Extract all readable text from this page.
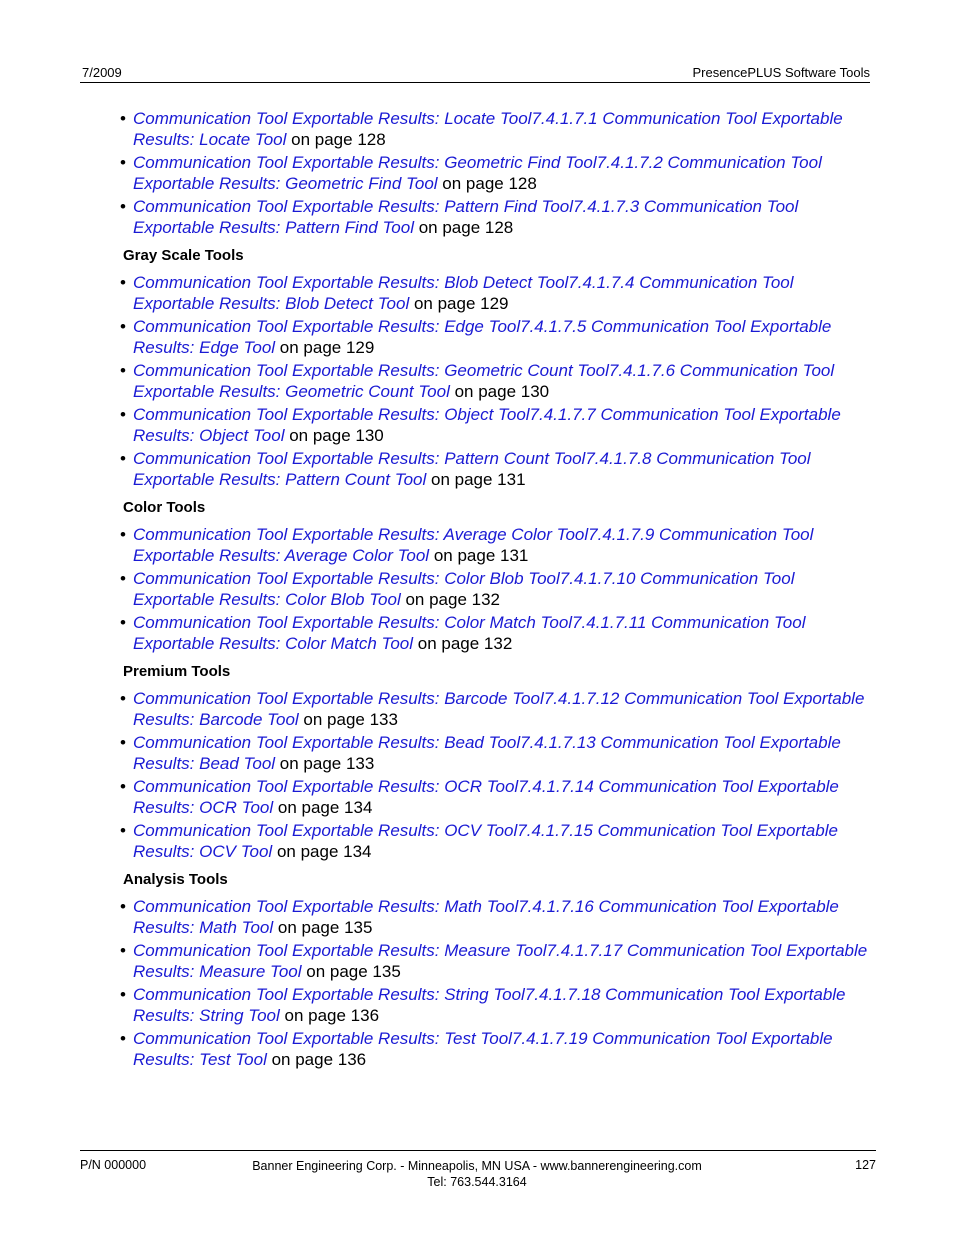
7/2009	PresencePLUS Software Tools
• Communication Tool Exportable Results: Locate Tool7.4.1.7.1 Communication Tool Exportable Results: Locate Tool on page 128
• Communication Tool Exportable Results: Geometric Find Tool7.4.1.7.2 Communication Tool Exportable Results: Geometric Find Tool on page 128
• Communication Tool Exportable Results: Pattern Find Tool7.4.1.7.3 Communication Tool Exportable Results: Pattern Find Tool on page 128
Gray Scale Tools
• Communication Tool Exportable Results: Blob Detect Tool7.4.1.7.4 Communication Tool Exportable Results: Blob Detect Tool on page 129
• Communication Tool Exportable Results: Edge Tool7.4.1.7.5 Communication Tool Exportable Results: Edge Tool on page 129
• Communication Tool Exportable Results: Geometric Count Tool7.4.1.7.6 Communication Tool Exportable Results: Geometric Count Tool on page 130
• Communication Tool Exportable Results: Object Tool7.4.1.7.7 Communication Tool Exportable Results: Object Tool on page 130
• Communication Tool Exportable Results: Pattern Count Tool7.4.1.7.8 Communication Tool Exportable Results: Pattern Count Tool on page 131
Color Tools
• Communication Tool Exportable Results: Average Color Tool7.4.1.7.9 Communication Tool Exportable Results: Average Color Tool on page 131
• Communication Tool Exportable Results: Color Blob Tool7.4.1.7.10 Communication Tool Exportable Results: Color Blob Tool on page 132
• Communication Tool Exportable Results: Color Match Tool7.4.1.7.11 Communication Tool Exportable Results: Color Match Tool on page 132
Premium Tools
• Communication Tool Exportable Results: Barcode Tool7.4.1.7.12 Communication Tool Exportable Results: Barcode Tool on page 133
• Communication Tool Exportable Results: Bead Tool7.4.1.7.13 Communication Tool Exportable Results: Bead Tool on page 133
• Communication Tool Exportable Results: OCR Tool7.4.1.7.14 Communication Tool Exportable Results: OCR Tool on page 134
• Communication Tool Exportable Results: OCV Tool7.4.1.7.15 Communication Tool Exportable Results: OCV Tool on page 134
Analysis Tools
• Communication Tool Exportable Results: Math Tool7.4.1.7.16 Communication Tool Exportable Results: Math Tool on page 135
• Communication Tool Exportable Results: Measure Tool7.4.1.7.17 Communication Tool Exportable Results: Measure Tool on page 135
• Communication Tool Exportable Results: String Tool7.4.1.7.18 Communication Tool Exportable Results: String Tool on page 136
• Communication Tool Exportable Results: Test Tool7.4.1.7.19 Communication Tool Exportable Results: Test Tool on page 136
P/N 000000	Banner Engineering Corp. - Minneapolis, MN USA - www.bannerengineering.com
Tel: 763.544.3164
127
